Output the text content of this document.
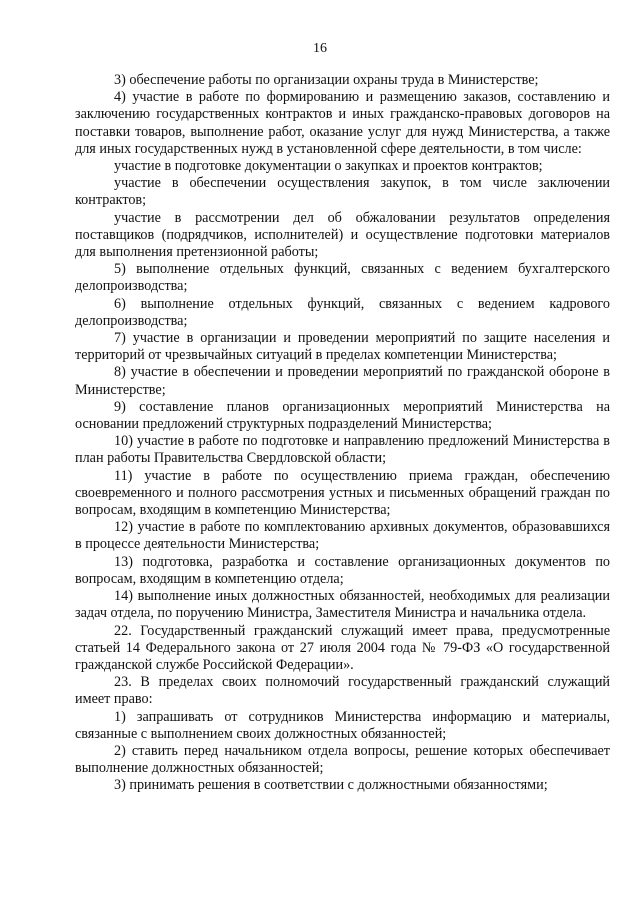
16

3) обеспечение работы по организации охраны труда в Министерстве;

4) участие в работе по формированию и размещению заказов, составлению и заключению государственных контрактов и иных гражданско-правовых договоров на поставки товаров, выполнение работ, оказание услуг для нужд Министерства, а также для иных государственных нужд в установленной сфере деятельности, в том числе:

участие в подготовке документации о закупках и проектов контрактов;

участие в обеспечении осуществления закупок, в том числе заключении контрактов;

участие в рассмотрении дел об обжаловании результатов определения поставщиков (подрядчиков, исполнителей) и осуществление подготовки материалов для выполнения претензионной работы;

5) выполнение отдельных функций, связанных с ведением бухгалтерского делопроизводства;

6) выполнение отдельных функций, связанных с ведением кадрового делопроизводства;

7) участие в организации и проведении мероприятий по защите населения и территорий от чрезвычайных ситуаций в пределах компетенции Министерства;

8) участие в обеспечении и проведении мероприятий по гражданской обороне в Министерстве;

9) составление планов организационных мероприятий Министерства на основании предложений структурных подразделений Министерства;

10) участие в работе по подготовке и направлению предложений Министерства в план работы Правительства Свердловской области;

11) участие в работе по осуществлению приема граждан, обеспечению своевременного и полного рассмотрения устных и письменных обращений граждан по вопросам, входящим в компетенцию Министерства;

12) участие в работе по комплектованию архивных документов, образовавшихся в процессе деятельности Министерства;

13) подготовка, разработка и составление организационных документов по вопросам, входящим в компетенцию отдела;

14) выполнение иных должностных обязанностей, необходимых для реализации задач отдела, по поручению Министра, Заместителя Министра и начальника отдела.

22. Государственный гражданский служащий имеет права, предусмотренные статьей 14 Федерального закона от 27 июля 2004 года № 79-ФЗ «О государственной гражданской службе Российской Федерации».

23. В пределах своих полномочий государственный гражданский служащий имеет право:

1) запрашивать от сотрудников Министерства информацию и материалы, связанные с выполнением своих должностных обязанностей;

2) ставить перед начальником отдела вопросы, решение которых обеспечивает выполнение должностных обязанностей;

3) принимать решения в соответствии с должностными обязанностями;
